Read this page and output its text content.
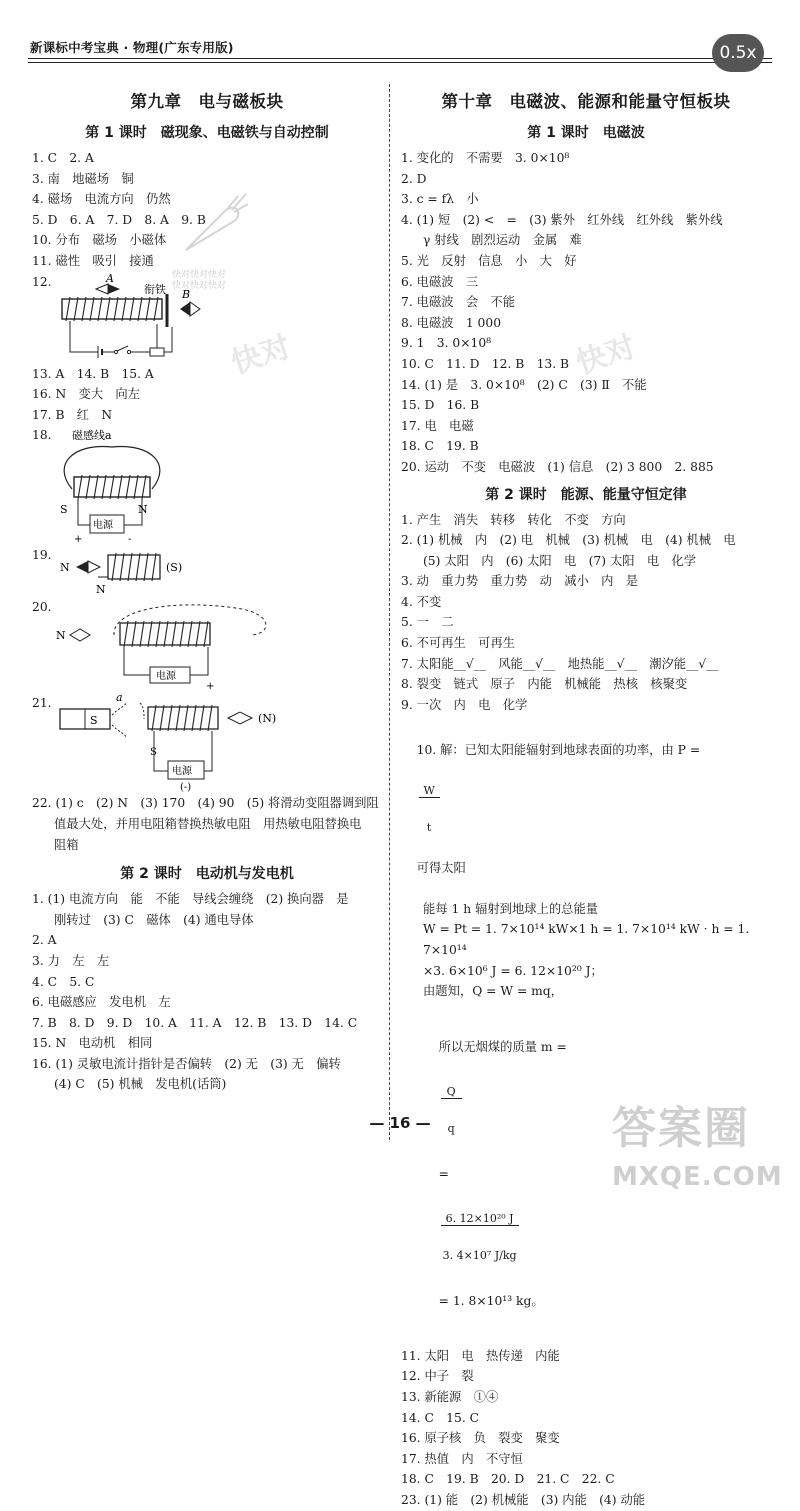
新课标中考宝典 · 物理(广东专用版)	0.5x
第九章　电与磁板块
第 1 课时　磁现象、电磁铁与自动控制
1. C　2. A
3. 南　地磁场　铜
4. 磁场　电流方向　仍然
5. D　6. A　7. D　8. A　9. B
10. 分布　磁场　小磁体
11. 磁性　吸引　接通
12.	A
衔铁 B
13. A　14. B　15. A
16. N　变大　向左
17. B　红　N
18. 磁感线a
S	N
电源
+	-
19.
N	(S)
N
20.
N
电源
+
21.
S
a
(N)
S
电源
(-)
22. (1) c　(2) N　(3) 170　(4) 90　(5) 将滑动变阻器调到阻
值最大处，并用电阻箱替换热敏电阻　用热敏电阻替换电
阻箱
第 2 课时　电动机与发电机
1. (1) 电流方向　能　不能　导线会缠绕　(2) 换向器　是
刚转过　(3) C　磁体　(4) 通电导体
2. A
3. 力　左　左
4. C　5. C
6. 电磁感应　发电机　左
7. B　8. D　9. D　10. A　11. A　12. B　13. D　14. C
15. N　电动机　相同
16. (1) 灵敏电流计指针是否偏转　(2) 无　(3) 无　偏转
(4) C　(5) 机械　发电机(话筒)
第十章　电磁波、能源和能量守恒板块
第 1 课时　电磁波
1. 变化的　不需要　3. 0×10⁸
2. D
3. c = fλ　小
4. (1) 短　(2) <　=　(3) 紫外　红外线　红外线　紫外线
γ 射线　剧烈运动　金属　难
5. 光　反射　信息　小　大　好
6. 电磁波　三
7. 电磁波　会　不能
8. 电磁波　1 000
9. 1　3. 0×10⁸
10. C　11. D　12. B　13. B
14. (1) 是　3. 0×10⁸　(2) C　(3) Ⅱ　不能
15. D　16. B
17. 电　电磁
18. C　19. B
20. 运动　不变　电磁波　(1) 信息　(2) 3 800　2. 885
第 2 课时　能源、能量守恒定律
1. 产生　消失　转移　转化　不变　方向
2. (1) 机械　内　(2) 电　机械　(3) 机械　电　(4) 机械　电
(5) 太阳　内　(6) 太阳　电　(7) 太阳　电　化学
3. 动　重力势　重力势　动　减小　内　是
4. 不变
5. 一　二
6. 不可再生　可再生
7. 太阳能__√__　风能__√__　地热能__√__　潮汐能__√__
8. 裂变　链式　原子　内能　机械能　热核　核聚变
9. 一次　内　电　化学

10. 解：已知太阳能辐射到地球表面的功率，由 P =

$\frac{W}{t}$

可得太阳

能每 1 h 辐射到地球上的总能量
W = Pt = 1. 7×10¹⁴ kW×1 h = 1. 7×10¹⁴ kW · h = 1. 7×10¹⁴
×3. 6×10⁶ J = 6. 12×10²⁰ J；
由题知，Q = W = mq，

所以无烟煤的质量 m =

$\frac{Q}{q}$

=

$\frac{\text{6. 12×10²⁰ J}}{\text{3. 4×10⁷ J/kg}}$

= 1. 8×10¹³ kg。

11. 太阳　电　热传递　内能
12. 中子　裂
13. 新能源　①④
14. C　15. C
16. 原子核　负　裂变　聚变
17. 热值　内　不守恒
18. C　19. B　20. D　21. C　22. C
23. (1) 能　(2) 机械能　(3) 内能　(4) 动能
快对快对快对
快对快对快对
快对	快对
— 16 —	答案圈
MXQE.COM
